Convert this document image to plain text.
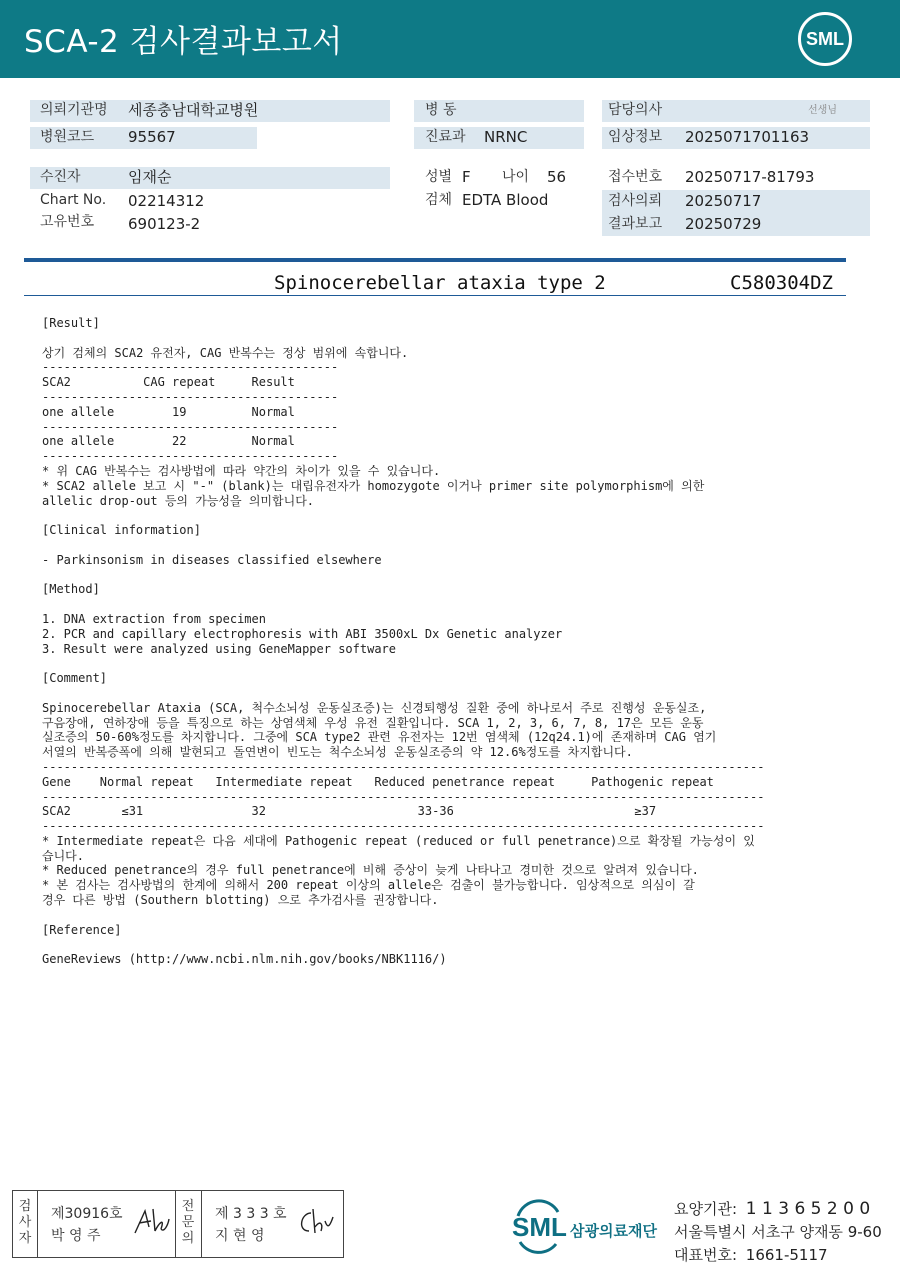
SCA-2 검사결과보고서	SML
의뢰기관명 세종충남대학교병원
병원코드 95567
수진자	임재순
Chart No. 02214312
고유번호 690123-2
병 동
진료과 NRNC
성별 F 나이 56
검체 EDTA Blood
담당의사	선생님
임상정보 2025071701163
접수번호 20250717-81793
검사의뢰 20250717
결과보고 20250729
Spinocerebellar ataxia type 2	C580304DZ
[Result]
상기 검체의 SCA2 유전자, CAG 반복수는 정상 범위에 속합니다.
-----------------------------------------
SCA2          CAG repeat     Result
-----------------------------------------
one allele        19         Normal
-----------------------------------------
one allele        22         Normal
-----------------------------------------
* 위 CAG 반복수는 검사방법에 따라 약간의 차이가 있을 수 있습니다.
* SCA2 allele 보고 시 "-" (blank)는 대립유전자가 homozygote 이거나 primer site polymorphism에 의한
allelic drop-out 등의 가능성을 의미합니다.
[Clinical information]
- Parkinsonism in diseases classified elsewhere
[Method]
1. DNA extraction from specimen
2. PCR and capillary electrophoresis with ABI 3500xL Dx Genetic analyzer
3. Result were analyzed using GeneMapper software
[Comment]
Spinocerebellar Ataxia (SCA, 척수소뇌성 운동실조증)는 신경퇴행성 질환 중에 하나로서 주로 진행성 운동실조,
구음장애, 연하장애 등을 특징으로 하는 상염색체 우성 유전 질환입니다. SCA 1, 2, 3, 6, 7, 8, 17은 모든 운동
실조증의 50-60%정도를 차지합니다. 그중에 SCA type2 관련 유전자는 12번 염색체 (12q24.1)에 존재하며 CAG 염기
서열의 반복증폭에 의해 발현되고 돌연변이 빈도는 척수소뇌성 운동실조증의 약 12.6%정도를 차지합니다.
----------------------------------------------------------------------------------------------------
Gene    Normal repeat   Intermediate repeat   Reduced penetrance repeat     Pathogenic repeat
----------------------------------------------------------------------------------------------------
SCA2       ≤31               32                     33-36                         ≥37
----------------------------------------------------------------------------------------------------
* Intermediate repeat은 다음 세대에 Pathogenic repeat (reduced or full penetrance)으로 확장될 가능성이 있
습니다.
* Reduced penetrance의 경우 full penetrance에 비해 증상이 늦게 나타나고 경미한 것으로 알려져 있습니다.
* 본 검사는 검사방법의 한계에 의해서 200 repeat 이상의 allele은 검출이 불가능합니다. 임상적으로 의심이 갈
경우 다른 방법 (Southern blotting) 으로 추가검사를 권장합니다.
[Reference]
GeneReviews (http://www.ncbi.nlm.nih.gov/books/NBK1116/)
검
사
자
제30916호
박 영 주
전
문
의
제 3 3 3 호
지 현 영	SML 삼광의료재단
요양기관: 1 1 3 6 5 2 0 0
서울특별시 서초구 양재동 9-60
대표번호: 1661-5117
